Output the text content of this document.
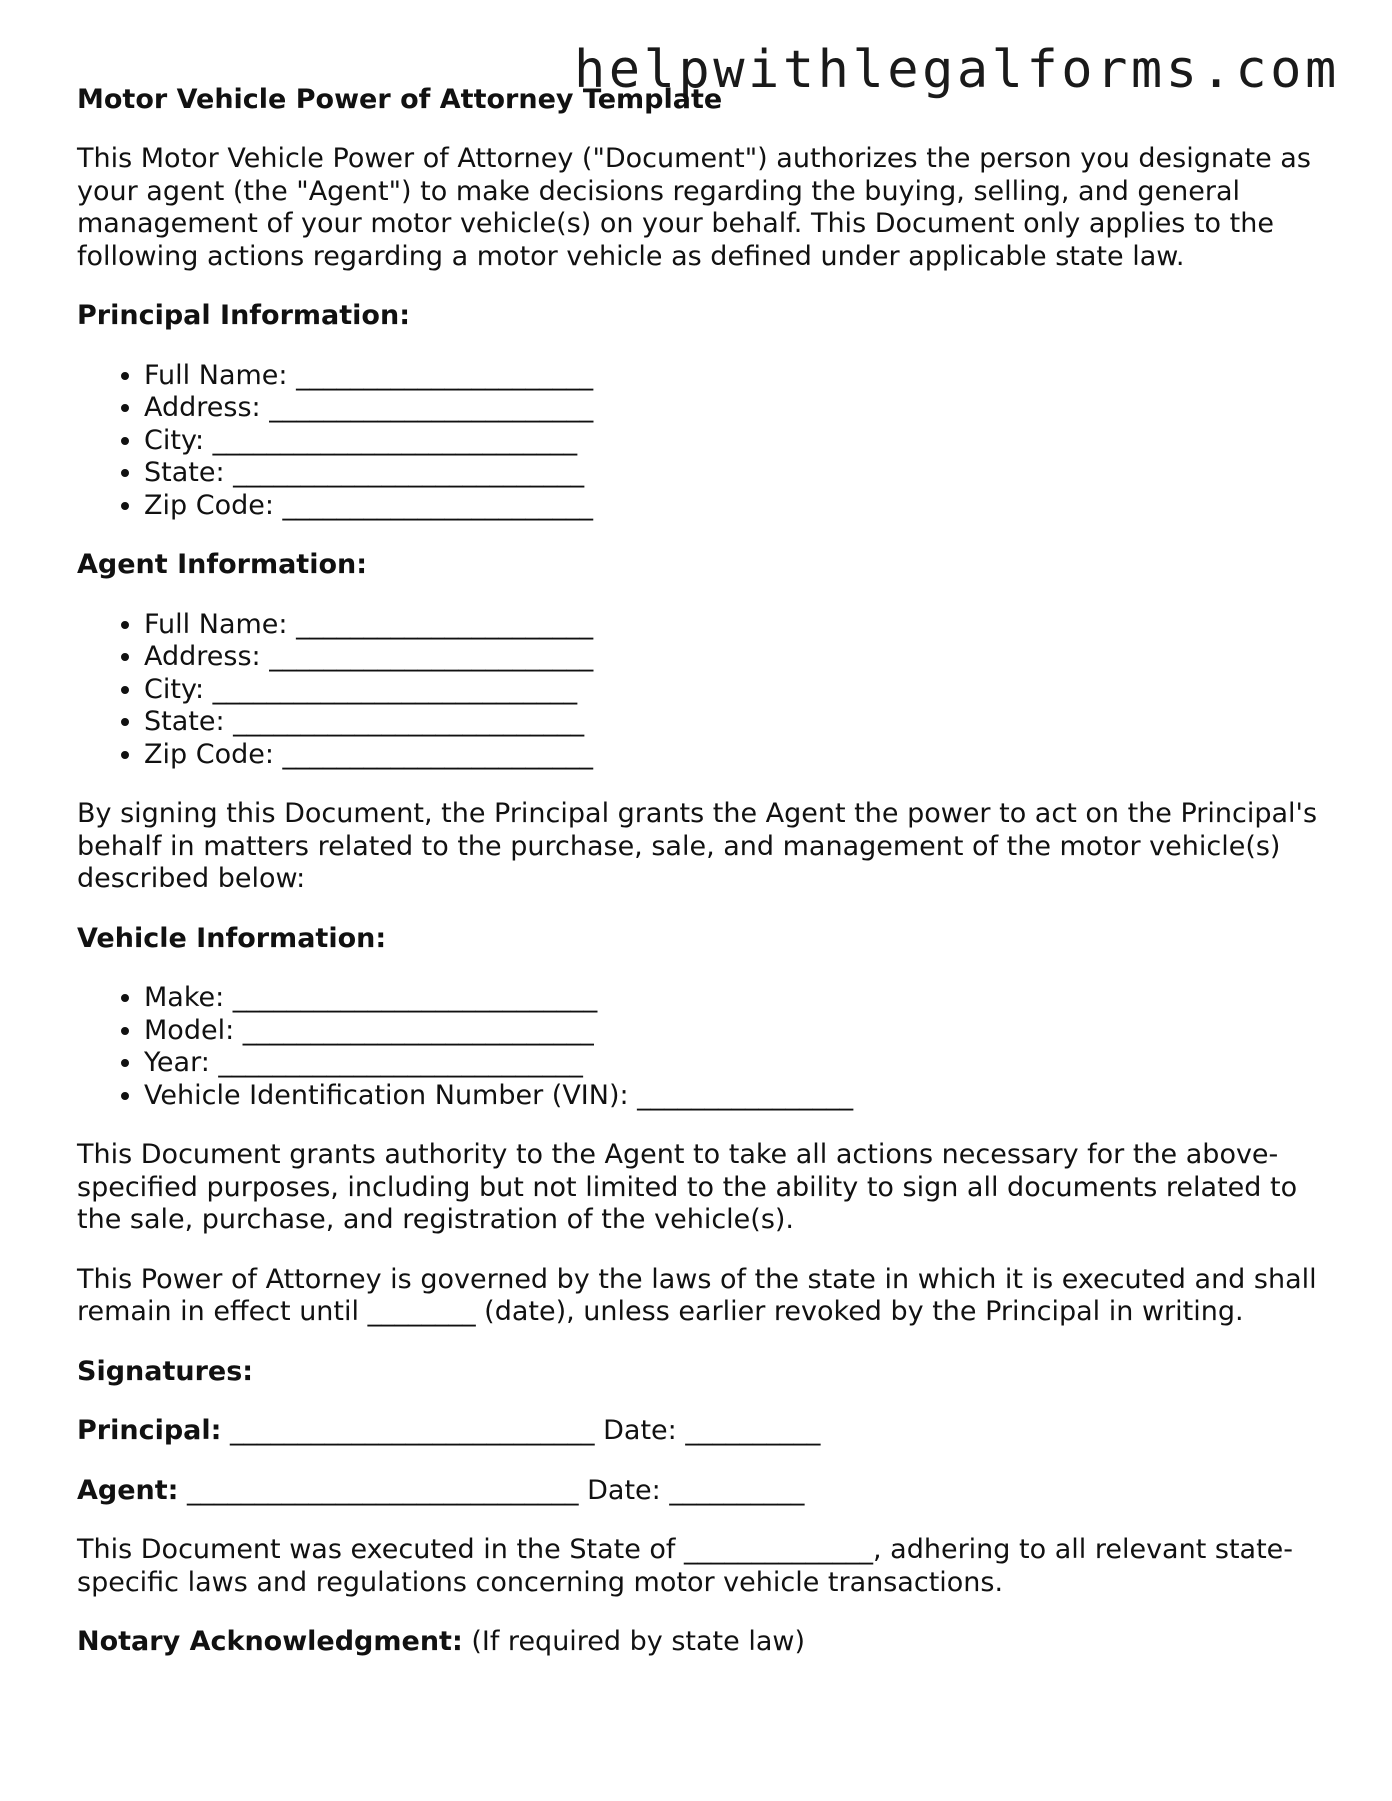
helpwithlegalforms.com
Motor Vehicle Power of Attorney Template

This Motor Vehicle Power of Attorney ("Document") authorizes the person you designate as your agent (the "Agent") to make decisions regarding the buying, selling, and general management of your motor vehicle(s) on your behalf. This Document only applies to the following actions regarding a motor vehicle as defined under applicable state law.

Principal Information:
• Full Name: ______________________
• Address: ________________________
• City: ___________________________
• State: __________________________
• Zip Code: _______________________
Agent Information:
• Full Name: ______________________
• Address: ________________________
• City: ___________________________
• State: __________________________
• Zip Code: _______________________

By signing this Document, the Principal grants the Agent the power to act on the Principal's behalf in matters related to the purchase, sale, and management of the motor vehicle(s) described below:

Vehicle Information:
• Make: ___________________________
• Model: __________________________
• Year: ___________________________
• Vehicle Identification Number (VIN): ________________

This Document grants authority to the Agent to take all actions necessary for the above-specified purposes, including but not limited to the ability to sign all documents related to the sale, purchase, and registration of the vehicle(s).

This Power of Attorney is governed by the laws of the state in which it is executed and shall remain in effect until ________ (date), unless earlier revoked by the Principal in writing.

Signatures:
Principal: ___________________________ Date: __________
Agent: _____________________________ Date: __________

This Document was executed in the State of ______________, adhering to all relevant state-specific laws and regulations concerning motor vehicle transactions.

Notary Acknowledgment: (If required by state law)
